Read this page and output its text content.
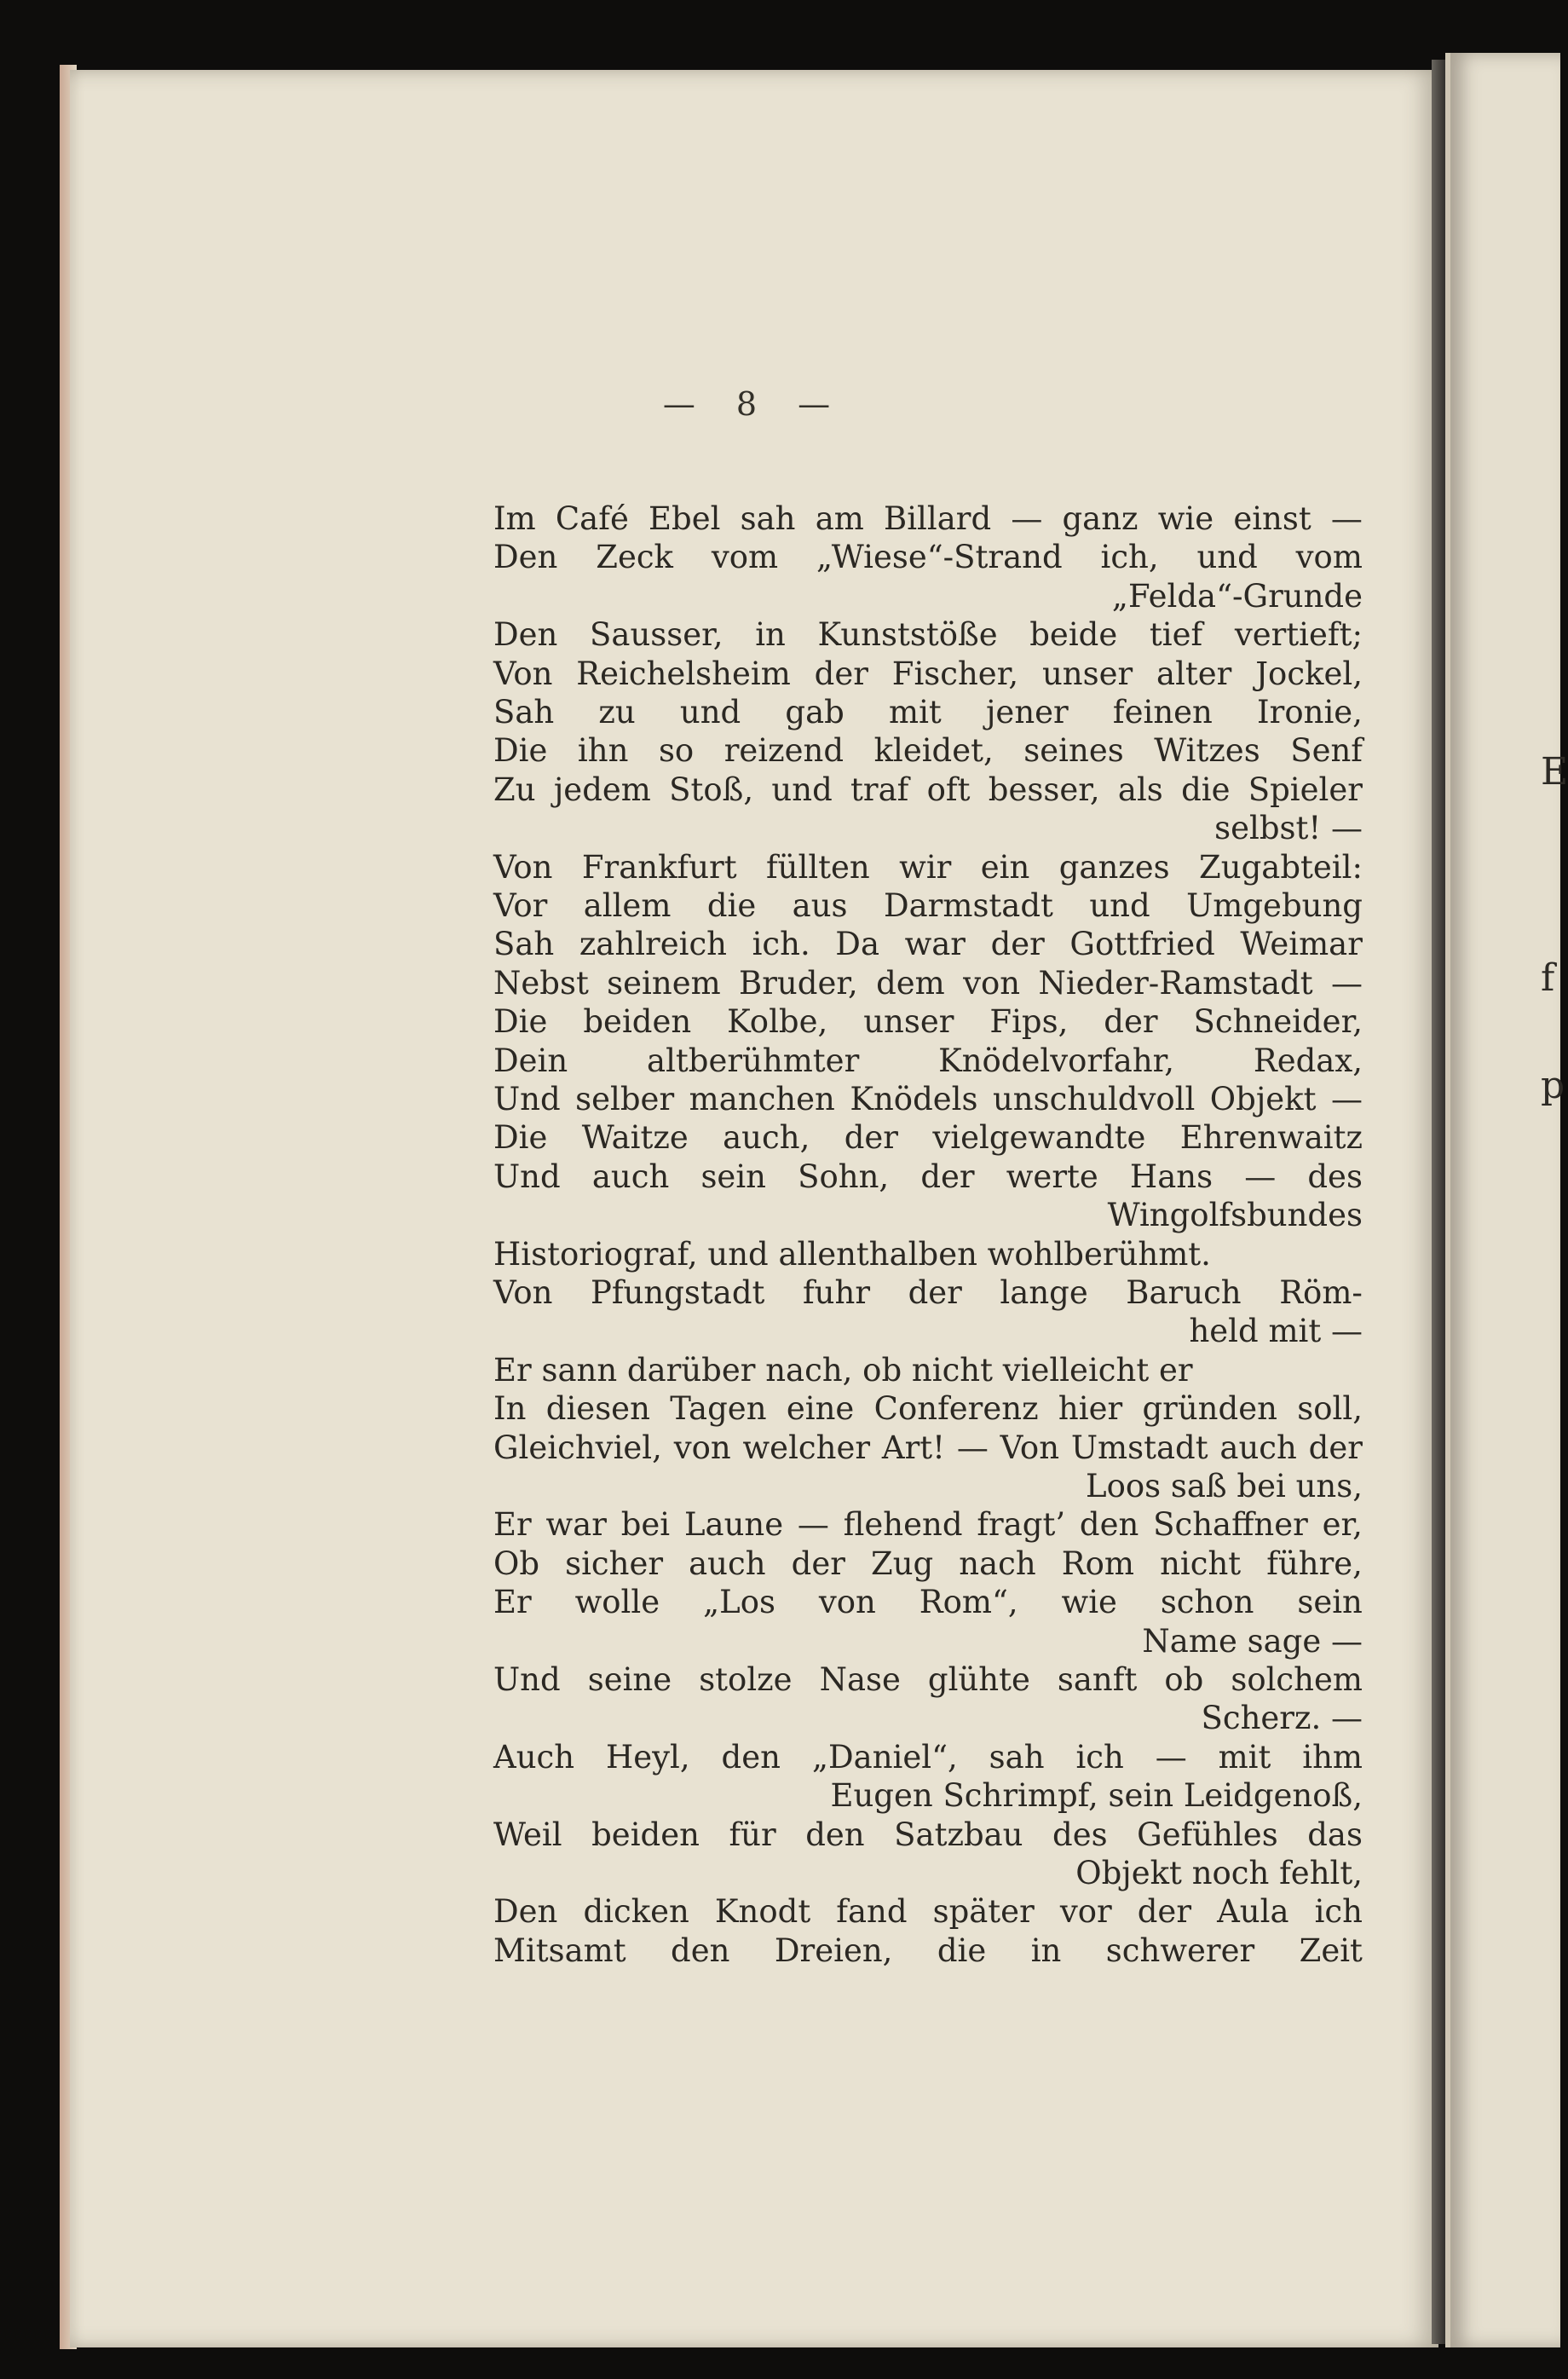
— 8 —
Im Café Ebel sah am Billard — ganz wie einst —
Den Zeck vom „Wiese“-Strand ich, und vom
„Felda“-Grunde
Den Sausser, in Kunststöße beide tief vertieft;
Von Reichelsheim der Fischer, unser alter Jockel,
Sah zu und gab mit jener feinen Ironie,
Die ihn so reizend kleidet, seines Witzes Senf
Zu jedem Stoß, und traf oft besser, als die Spieler
selbst! —
Von Frankfurt füllten wir ein ganzes Zugabteil:
Vor allem die aus Darmstadt und Umgebung
Sah zahlreich ich. Da war der Gottfried Weimar
Nebst seinem Bruder, dem von Nieder-Ramstadt —
Die beiden Kolbe, unser Fips, der Schneider,
Dein	altberühmter	Knödelvorfahr,	Redax,
Und selber manchen Knödels unschuldvoll Objekt —
Die Waitze auch, der vielgewandte Ehrenwaitz
Und auch sein Sohn, der werte Hans — des
Wingolfsbundes
Historiograf, und allenthalben wohlberühmt.
Von Pfungstadt fuhr der lange Baruch Röm-
held mit —
Er sann darüber nach, ob nicht vielleicht er
In diesen Tagen eine Conferenz hier gründen soll,
Gleichviel, von welcher Art! — Von Umstadt auch der
Loos saß bei uns,
Er war bei Laune — flehend fragt’ den Schaffner er,
Ob sicher auch der Zug nach Rom nicht führe,
Er wolle „Los von Rom“, wie schon sein
Name sage —
Und seine stolze Nase glühte sanft ob solchem
Scherz. —
Auch Heyl, den „Daniel“, sah ich — mit ihm
Eugen Schrimpf, sein Leidgenoß,
Weil beiden für den Satzbau des Gefühles das
Objekt noch fehlt,
Den dicken Knodt fand später vor der Aula ich
Mitsamt den Dreien, die in schwerer Zeit
E
f
p
